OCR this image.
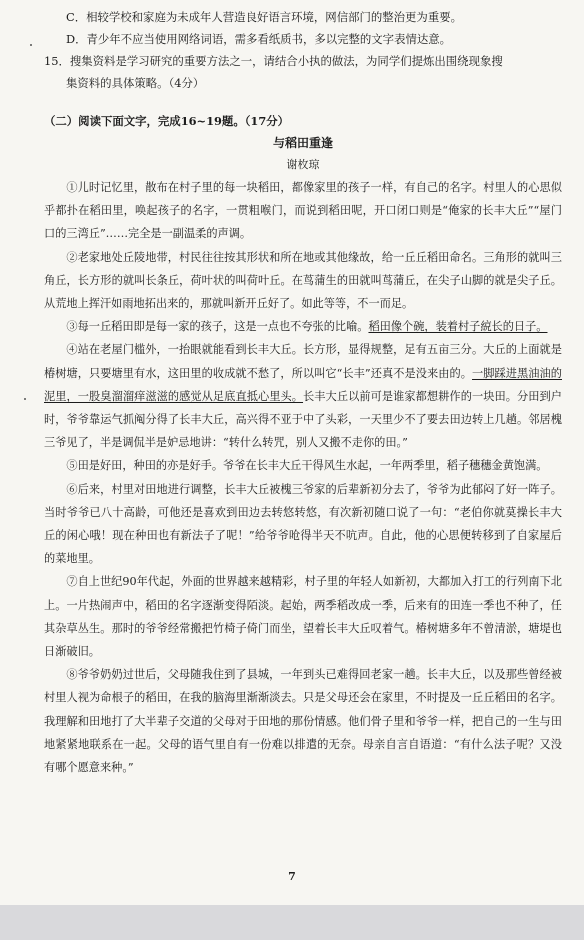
C．相较学校和家庭为未成年人营造良好语言环境，网信部门的整治更为重要。
D．青少年不应当使用网络词语，需多看纸质书，多以完整的文字表情达意。
15．搜集资料是学习研究的重要方法之一，请结合小执的做法，为同学们提炼出围绕现象搜
集资料的具体策略。（4分）
（二）阅读下面文字，完成16~19题。（17分）
与稻田重逢
谢枚琼
①儿时记忆里，散布在村子里的每一块稻田，都像家里的孩子一样，有自己的名字。村里人的心思似乎都扑在稻田里，唤起孩子的名字，一贯粗喉门，而说到稻田呢，开口闭口则是“俺家的长丰大丘”“屋门口的三湾丘”……完全是一副温柔的声调。
②老家地处丘陵地带，村民往往按其形状和所在地或其他缘故，给一丘丘稻田命名。三角形的就叫三角丘，长方形的就叫长条丘，荷叶状的叫荷叶丘。在茑蒲生的田就叫茑蒲丘，在尖子山脚的就是尖子丘。从荒地上挥汗如雨地拓出来的，那就叫新开丘好了。如此等等，不一而足。
③每一丘稻田即是每一家的孩子，这是一点也不夸张的比喻。稻田像个碗，装着村子綂长的日子。
④站在老屋门槛外，一抬眼就能看到长丰大丘。长方形，显得规整，足有五亩三分。大丘的上面就是椿树塘，只要塘里有水，这田里的收成就不愁了，所以叫它“长丰”还真不是没来由的。一脚踩进黑油油的泥里，一股臭溜溜痒滋滋的感觉从足底直抵心里头。长丰大丘以前可是谁家都想耕作的一块田。分田到户时，爷爷靠运气抓阄分得了长丰大丘，高兴得不亚于中了头彩，一天里少不了要去田边转上几趟。邻居槐三爷见了，半是调侃半是妒忌地讲：“转什么转咒，别人又搬不走你的田。”
⑤田是好田，种田的亦是好手。爷爷在长丰大丘干得风生水起，一年两季里，稻子穗穗金黄饱满。
⑥后来，村里对田地进行调整，长丰大丘被槐三爷家的后辈新初分去了，爷爷为此郁闷了好一阵子。当时爷爷已八十高龄，可他还是喜欢到田边去转悠转悠，有次新初随口说了一句：“老伯你就莫操长丰大丘的闲心哦！现在种田也有新法子了呢！”给爷爷呛得半天不吭声。自此，他的心思便转移到了自家屋后的菜地里。
⑦自上世纪90年代起，外面的世界越来越精彩，村子里的年轻人如新初，大都加入打工的行列南下北上。一片热闹声中，稻田的名字逐渐变得陌淡。起始，两季稻改成一季，后来有的田连一季也不种了，任其杂草丛生。那时的爷爷经常搬把竹椅子倚门而坐，望着长丰大丘叹着气。椿树塘多年不曾清淤，塘堤也日渐破旧。
⑧爷爷奶奶过世后，父母随我住到了县城，一年到头已难得回老家一趟。长丰大丘，以及那些曾经被村里人视为命根子的稻田，在我的脑海里渐渐淡去。只是父母还会在家里，不时提及一丘丘稻田的名字。我理解和田地打了大半辈子交道的父母对于田地的那份情感。他们骨子里和爷爷一样，把自己的一生与田地紧紧地联系在一起。父母的语气里自有一份难以排遣的无奈。母亲自言自语道：“有什么法子呢？又没有哪个愿意来种。”
7
